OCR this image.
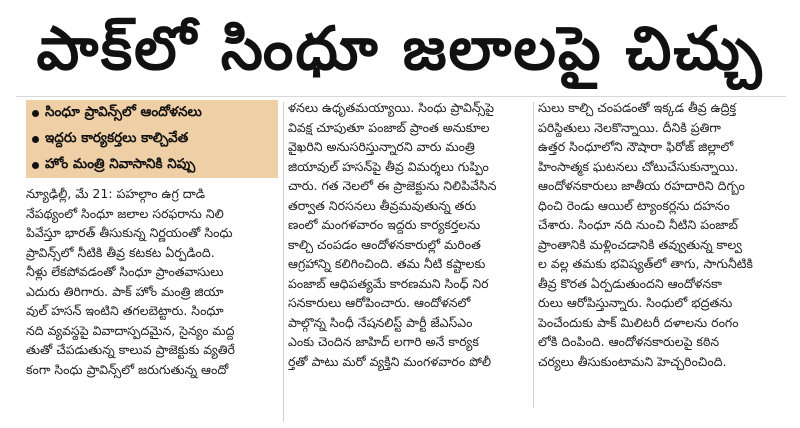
పాక్‌లో సింధూ జలాలపై చిచ్చు
సింధూ ప్రావిన్స్‌లో ఆందోళనలు
ఇద్దరు కార్యకర్తలు కాల్చివేత
హోం మంత్రి నివాసానికి నిప్పు
న్యూఢిల్లీ, మే 21: పహల్గాం ఉగ్ర దాడి
నేపథ్యంలో సింధూ జలాల సరఫరాను నిలి
పివేస్తూ భారత్ తీసుకున్న నిర్ణయంతో సింధు
ప్రావిన్స్‌లో నీటికి తీవ్ర కటకట ఏర్పడింది.
నీళ్లు లేకపోవడంతో సింధూ ప్రాంతవాసులు
ఎదురు తిరిగారు. పాక్ హోం మంత్రి జియా
వుల్ హసన్ ఇంటిని తగలబెట్టారు. సింధూ
నది వ్యవస్థపై వివాదాస్పదమైన, సైన్యం మద్ద
తుతో చేపడుతున్న కాలువ ప్రాజెక్టుకు వ్యతిరే
కంగా సింధు ప్రావిన్స్‌లో జరుగుతున్న ఆందో
ళనలు ఉధృతమయ్యాయి. సింధు ప్రావిన్స్‌పై
వివక్ష చూపుతూ పంజాబ్ ప్రాంత అనుకూల
వైఖరిని అనుసరిస్తున్నారని వారు మంత్రి
జియావుల్ హసన్‌పై తీవ్ర విమర్శలు గుప్పిం
చారు. గత నెలలో ఈ ప్రాజెక్టును నిలిపివేసిన
తర్వాత నిరసనలు తీవ్రమవుతున్న తరు
ణంలో మంగళవారం ఇద్దరు కార్యకర్తలను
కాల్చి చంపడం ఆందోళనకారుల్లో మరింత
ఆగ్రహాన్ని కలిగించింది. తమ నీటి కష్టాలకు
పంజాబ్ ఆధిపత్యమే కారణమని సింధ్ నిర
సనకారులు ఆరోపించారు. ఆందోళనలో
పాల్గొన్న సింధీ నేషనలిస్ట్ పార్టీ జేఎస్ఎం
ఎంకు చెందిన జాహిద్ లగారి అనే కార్యక
ర్తతో పాటు మరో వ్యక్తిని మంగళవారం పోలీ
సులు కాల్చి చంపడంతో ఇక్కడ తీవ్ర ఉద్రిక్త
పరిస్థితులు నెలకొన్నాయి. దీనికి ప్రతిగా
ఉత్తర సింధూలోని నౌషారా ఫిరోజ్ జిల్లాలో
హింసాత్మక ఘటనలు చోటుచేసుకున్నాయి.
ఆందోళనకారులు జాతీయ రహదారిని దిగ్బం
ధించి రెండు ఆయిల్ ట్యాంకర్లను దహనం
చేశారు. సింధూ నది నుంచి నీటిని పంజాబ్
ప్రాంతానికి మళ్లించడానికి తవ్వుతున్న కాల్వ
ల వల్ల తమకు భవిష్యత్‌లో తాగు, సాగునీటికి
తీవ్ర కొరత ఏర్పడుతుందని ఆందోళనకా
రులు ఆరోపిస్తున్నారు. సింధులో భద్రతను
పెంచేందుకు పాక్ మిలిటరీ దళాలను రంగం
లోకి దింపింది. ఆందోళనకారులపై కఠిన
చర్యలు తీసుకుంటామని హెచ్చరించింది.
